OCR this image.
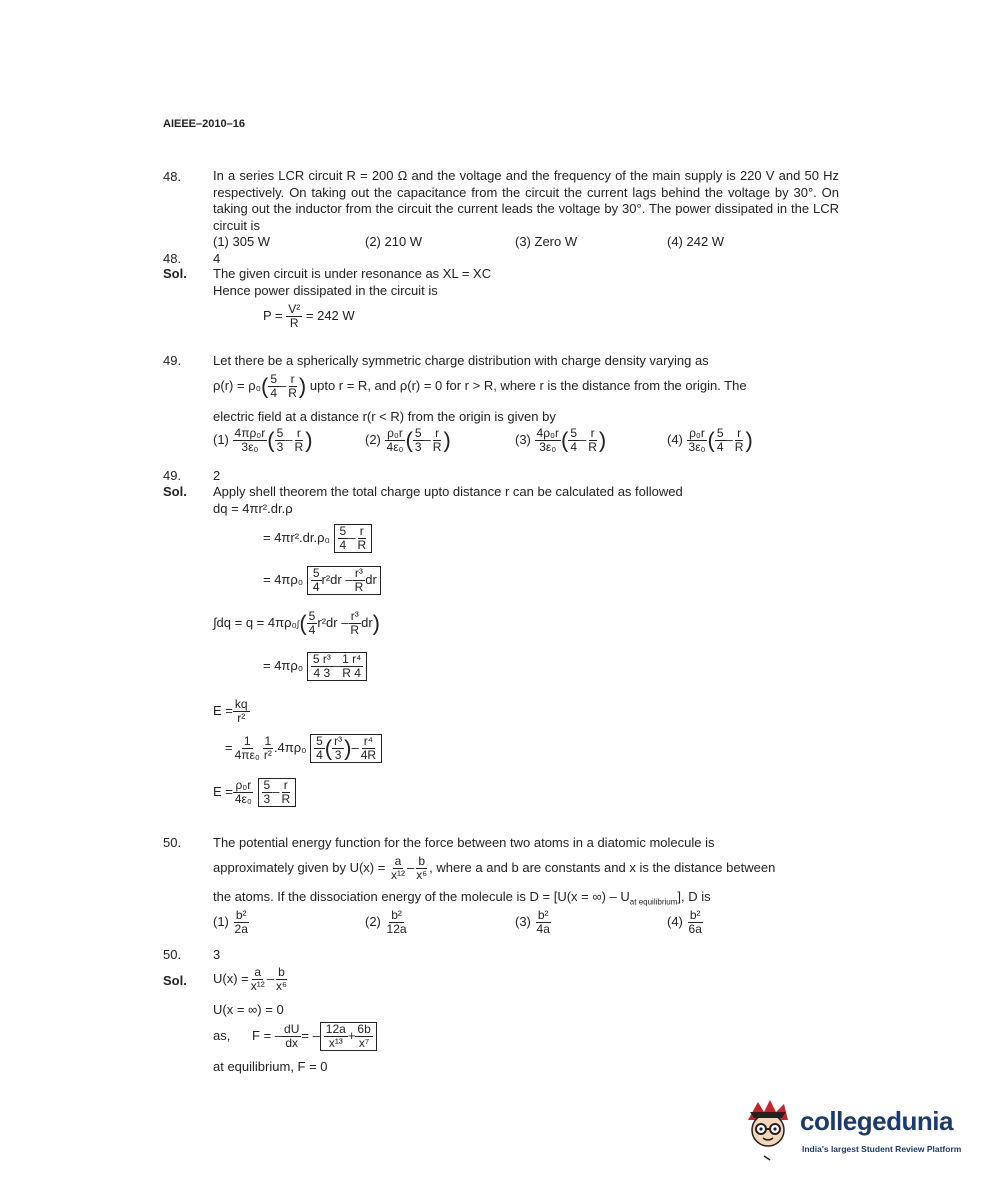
AIEEE–2010–16
48. In a series LCR circuit R = 200 Ω and the voltage and the frequency of the main supply is 220 V and 50 Hz respectively. On taking out the capacitance from the circuit the current lags behind the voltage by 30°. On taking out the inductor from the circuit the current leads the voltage by 30°. The power dissipated in the LCR circuit is
(1) 305 W	(2) 210 W	(3) Zero W	(4) 242 W
48. 4
Sol. The given circuit is under resonance as XL = XC
Hence power dissipated in the circuit is
$P = \frac{\text{V²}}{R} = 242$ W
49. Let there be a spherically symmetric charge distribution with charge density varying as
$\rho(r) = \rho_0( \frac{5}{4} - \frac{r}{R}$ ) upto r = R, and ρ(r) = 0 for r > R, where r is the distance from the origin. The
electric field at a distance r(r < R) from the origin is given by
$(1) \frac{\text{4πρ₀r}}{\text{3ε₀}}$ ( $\frac{5}{3} - \frac{r}{R}$ )	$(2) \frac{\text{ρ₀r}}{\text{4ε₀}}$ ( $\frac{5}{3} - \frac{r}{R}$ )	$(3) \frac{\text{4ρ₀r}}{\text{3ε₀}}$ ( $\frac{5}{4} - \frac{r}{R}$ )	$(4) \frac{\text{ρ₀r}}{\text{3ε₀}}$ ( $\frac{5}{4} - \frac{r}{R}$ )
49. 2
Sol. Apply shell theorem the total charge upto distance r can be calculated as followed
dq = 4πr².dr.ρ
= $4\pi r^2.dr.\rho_0 \frac{5}{4} - \frac{r}{R}$
= $4\pi\rho_0 \frac{5}{4} r^2dr - \frac{\text{r³}}{R}$ dr
$\int dq = q = 4\pi\rho_0\int( \frac{5}{4} r^2dr - \frac{\text{r³}}{R} dr)$
= $4\pi\rho_0 \frac{\text{5 r³}}{4 3} - \frac{\text{1 r⁴}}{R 4}$
$E = \frac{kq}{\text{r²}}$
= $\frac{1}{\text{4πε₀}} \frac{1}{\text{r²}} .4\pi\rho_0 \frac{5}{4}$ ( $\frac{\text{r³}}{3}$ )– $\frac{\text{r⁴}}{4R}$
$E = \frac{\text{ρ₀r}}{\text{4ε₀}}$
$\frac{5}{3} - \frac{r}{R}$
50. The potential energy function for the force between two atoms in a diatomic molecule is
approximately given by $U(x) = \frac{a}{\text{x¹²}} - \frac{b}{\text{x⁶}}$ , where a and b are constants and x is the distance between
the atoms. If the dissociation energy of the molecule is D = [U(x = ∞) – $U_{at equilibrium}$], D is
$(1) \frac{\text{b²}}{2a}$	$(2) \frac{\text{b²}}{12a}$	$(3) \frac{\text{b²}}{4a}$	$(4) \frac{\text{b²}}{6a}$
50. 3
Sol. $U(x) = \frac{a}{\text{x¹²}} - \frac{b}{\text{x⁶}}$
U(x = ∞) = 0
as, F = – $\frac{dU}{dx}$ = – $\frac{12a}{\text{x¹³}} + \frac{6b}{\text{x⁷}}$
at equilibrium, F = 0
collegedunia
India's largest Student Review Platform
